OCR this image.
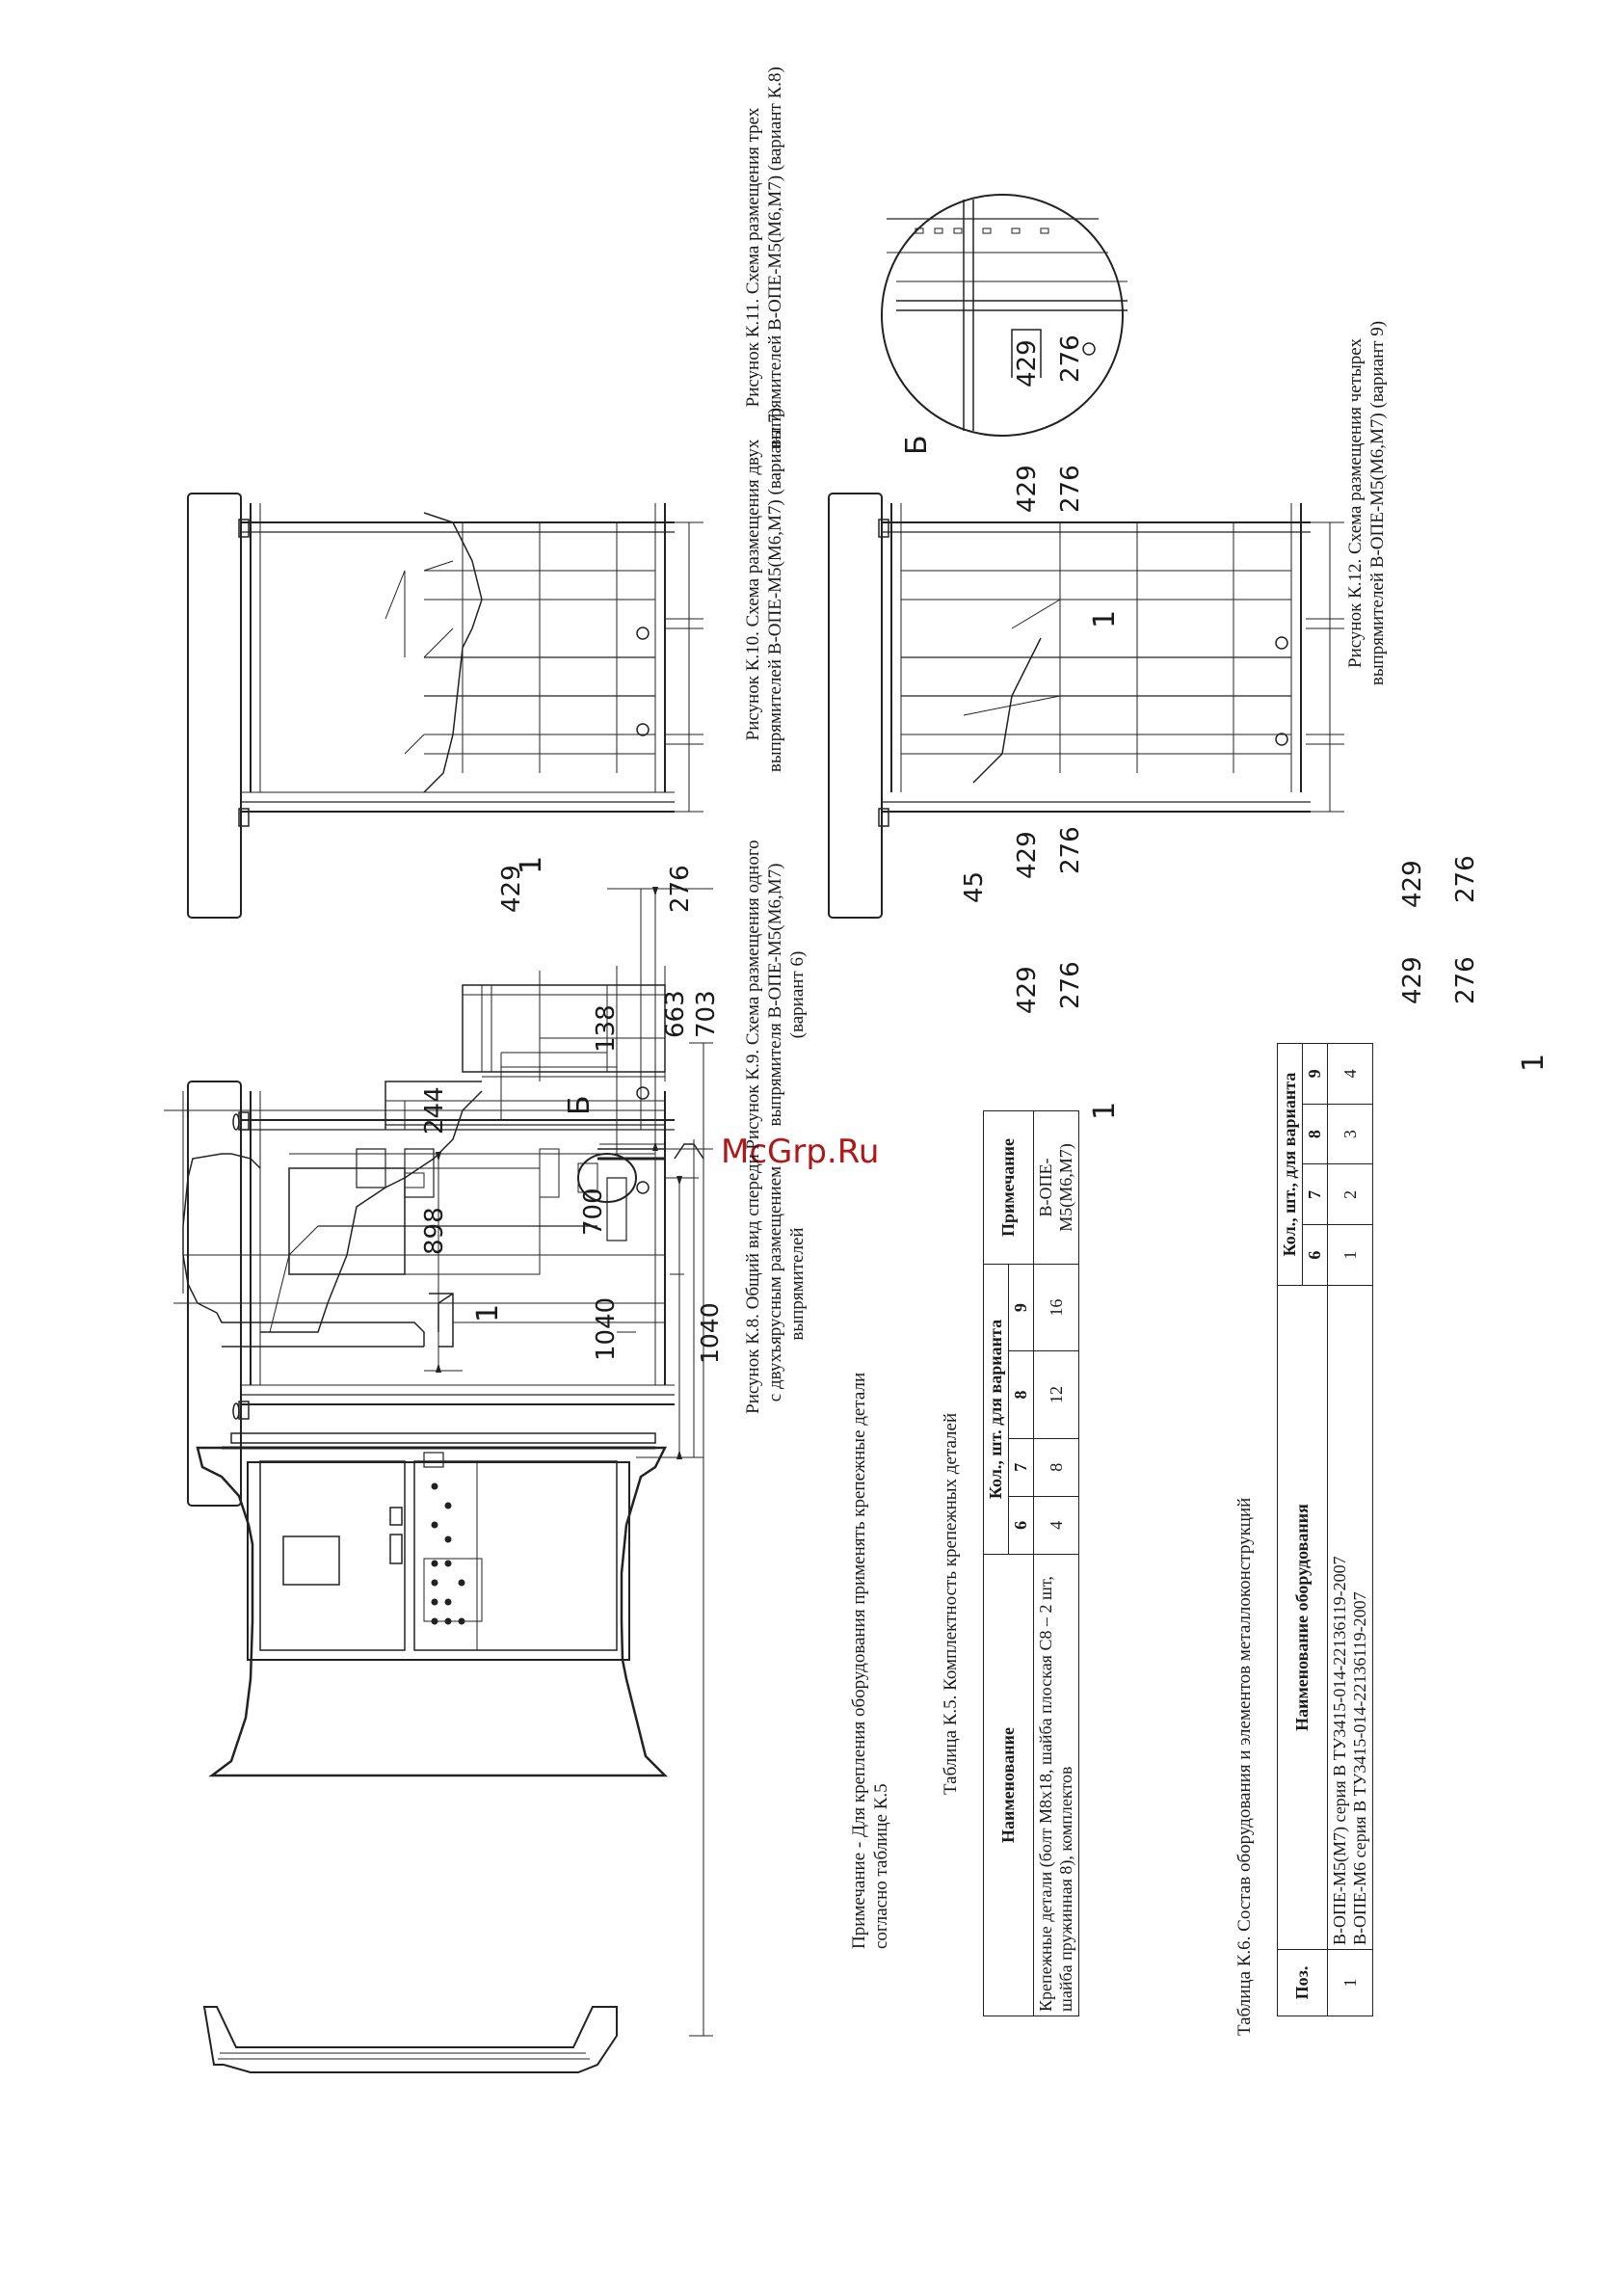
McGrp.Ru
1040 Рисунок К.8. Общий вид спереди с двухъярусным размещением выпрямителей
Рисунок К.9. Схема размещения одного выпрямителя В-ОПЕ-М5(М6,М7) (вариант 6)
Рисунок К.10. Схема размещения двух выпрямителей В-ОПЕ-М5(М6,М7) (вариант 7)
Рисунок К.11. Схема размещения трех выпрямителей В-ОПЕ-М5(М6,М7) (вариант К.8)
Рисунок К.12. Схема размещения четырех выпрямителей В-ОПЕ-М5(М6,М7) (вариант 9)
1
Б
700
1040
138 663 703
898
244
1
429	276
1
429
429
276
276
45
1
429
429
276
276
1
429
429
276
276
Б
Примечание - Для крепления оборудования применять крепежные детали согласно таблице К.5
Таблица К.5. Комплектность крепежных деталей Наименование	Кол., шт. для варианта				Примечание
	6	7	8	9	
Крепежные детали (болт М8х18, шайба плоская С8 – 2 шт, шайба пружинная 8), комплектов	4	8	12	16	В-ОПЕ-М5(М6,М7)
Таблица К.6. Состав оборудования и элементов металлоконструкций Поз.	Наименование оборудования	Кол., шт., для варианта			
		6	7	8	9
1	В-ОПЕ-М5(М7) серия В ТУ3415-014-22136119-2007 В-ОПЕ-М6 серия В ТУ3415-014-22136119-2007	1	2	3	4
